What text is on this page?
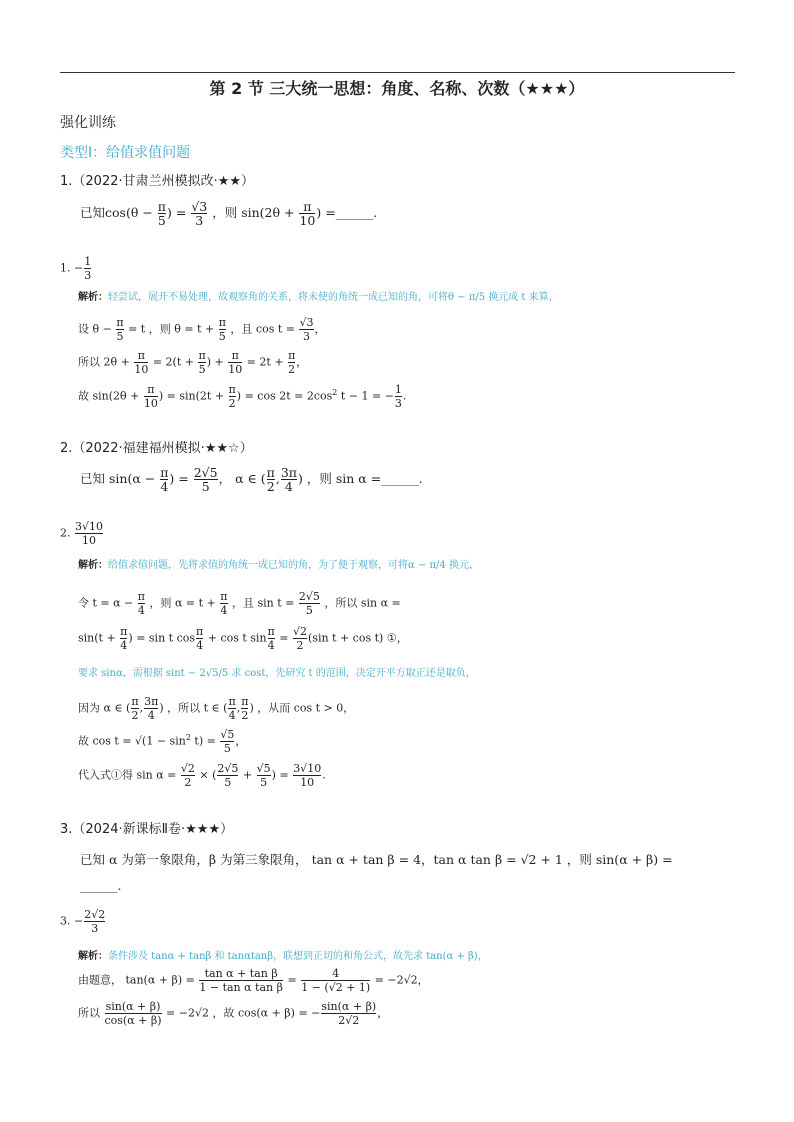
第 2 节 三大统一思想：角度、名称、次数（★★★）
强化训练
类型Ⅰ：给值求值问题
1.（2022·甘肃兰州模拟改·★★）
已知$\cos(\theta - \frac{\pi}{5}$ ) = $\frac{√3}{3}$ ，则 $\sin(2\theta + \frac{\pi}{10}$ ) =______.
1. − $\frac{1}{3}$
解析：轻尝试，展开不易处理，故观察角的关系，将未使的角统一成已知的角，可将θ − π/5 换元成 t 来算，
设 $\theta - \frac{\pi}{5} = t$ ，则 $\theta = t + \frac{\pi}{5}$ ，且 $\cos t = \frac{√3}{3}$ ，
所以 $2\theta + \frac{\pi}{10} = 2(t + \frac{\pi}{5}$ ) + $\frac{\pi}{10} = 2t + \frac{\pi}{2}$ ，
故 $\sin(2\theta + \frac{\pi}{10}$ ) = $\sin(2t + \frac{\pi}{2}$ ) = $\cos 2t = 2\cos^2$ t − 1 = − $\frac{1}{3}$ .
2.（2022·福建福州模拟·★★☆）
已知 $\sin(\alpha - \frac{\pi}{4}$ ) = $\frac{2√5}{5}$ ， α ∈ ( $\frac{\pi}{2}$ , $\frac{3\pi}{4}$ ) ，则 sin α =______.
2. $\frac{3√10}{10}$
解析：给值求值问题，先将求值的角统一成已知的角，为了便于观察，可将α − π/4 换元，
令 $t = \alpha - \frac{\pi}{4}$ ，则 $\alpha = t + \frac{\pi}{4}$ ，且 $\sin t = \frac{2√5}{5}$ ，所以 sin α =
$\sin(t + \frac{\pi}{4}$ ) = sin t $\cos \frac{\pi}{4} + \cos t$ $\sin \frac{\pi}{4} = \frac{√2}{2} (\sin$ t + cos t) ①，
要求 sinα，需根据 sint − 2√5/5 求 cost，先研究 t 的范围，决定开平方取正还是取负，
因为 α ∈ ( $\frac{\pi}{2}$ , $\frac{3\pi}{4}$ ) ，所以 t ∈ ( $\frac{\pi}{4}$ , $\frac{\pi}{2}$ ) ，从而 cos t > 0，
故 $\cos t = √(1 - \sin^2 t) = \frac{√5}{5}$ ，
代入式①得 $\sin \alpha = \frac{√2}{2}$ × ( $\frac{2√5}{5} + \frac{√5}{5}$ ) = $\frac{3√10}{10}$ .
3.（2024·新课标Ⅱ卷·★★★）
已知 α 为第一象限角，β 为第三象限角， tan α + tan β = 4，tan α tan β = √2 + 1 ，则 sin(α + β) =
______.
3. − $\frac{2√2}{3}$
解析：条件涉及 tanα + tanβ 和 tanαtanβ，联想到正切的和角公式，故先求 tan(α + β)，
由题意， $\tan(\alpha + \beta) = \frac{\text{tan α + tan β}}{\text{1 − tan α tan β}} = \frac{4}{1 - (√2 + 1)} = -2√2$，
所以 $\frac{\sin(\alpha + \beta)}{\cos(\alpha + \beta)} = -2√2$ ，故 cos(α + β) = − $\frac{\sin(\alpha + \beta)}{2√2}$ ，
